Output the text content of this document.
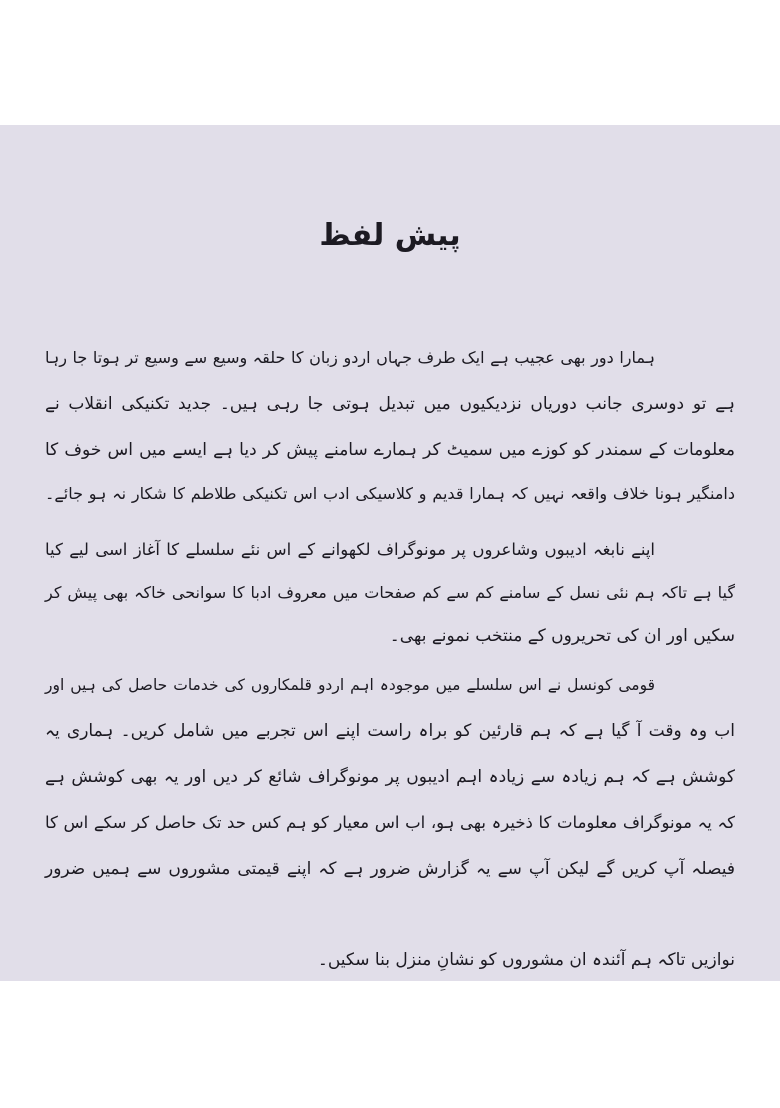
پیش لفظ
ہمارا دور بھی عجیب ہے ایک طرف جہاں اردو زبان کا حلقہ وسیع سے وسیع تر ہوتا جا رہا
ہے تو دوسری جانب دوریاں نزدیکیوں میں تبدیل ہوتی جا رہی ہیں۔ جدید تکنیکی انقلاب نے
معلومات کے سمندر کو کوزے میں سمیٹ کر ہمارے سامنے پیش کر دیا ہے ایسے میں اس خوف کا
دامنگیر ہونا خلاف واقعہ نہیں کہ ہمارا قدیم و کلاسیکی ادب اس تکنیکی طلاطم کا شکار نہ ہو جائے۔
اپنے نابغہ ادیبوں وشاعروں پر مونوگراف لکھوانے کے اس نئے سلسلے کا آغاز اسی لیے کیا
گیا ہے تاکہ ہم نئی نسل کے سامنے کم سے کم صفحات میں معروف ادبا کا سوانحی خاکہ بھی پیش کر
سکیں اور ان کی تحریروں کے منتخب نمونے بھی۔
قومی کونسل نے اس سلسلے میں موجودہ اہم اردو قلمکاروں کی خدمات حاصل کی ہیں اور
اب وہ وقت آ گیا ہے کہ ہم قارئین کو براہ راست اپنے اس تجربے میں شامل کریں۔ ہماری یہ
کوشش ہے کہ ہم زیادہ سے زیادہ اہم ادیبوں پر مونوگراف شائع کر دیں اور یہ بھی کوشش ہے
کہ یہ مونوگراف معلومات کا ذخیرہ بھی ہو، اب اس معیار کو ہم کس حد تک حاصل کر سکے اس کا
فیصلہ آپ کریں گے لیکن آپ سے یہ گزارش ضرور ہے کہ اپنے قیمتی مشوروں سے ہمیں ضرور
نوازیں تاکہ ہم آئندہ ان مشوروں کو نشانِ منزل بنا سکیں۔
